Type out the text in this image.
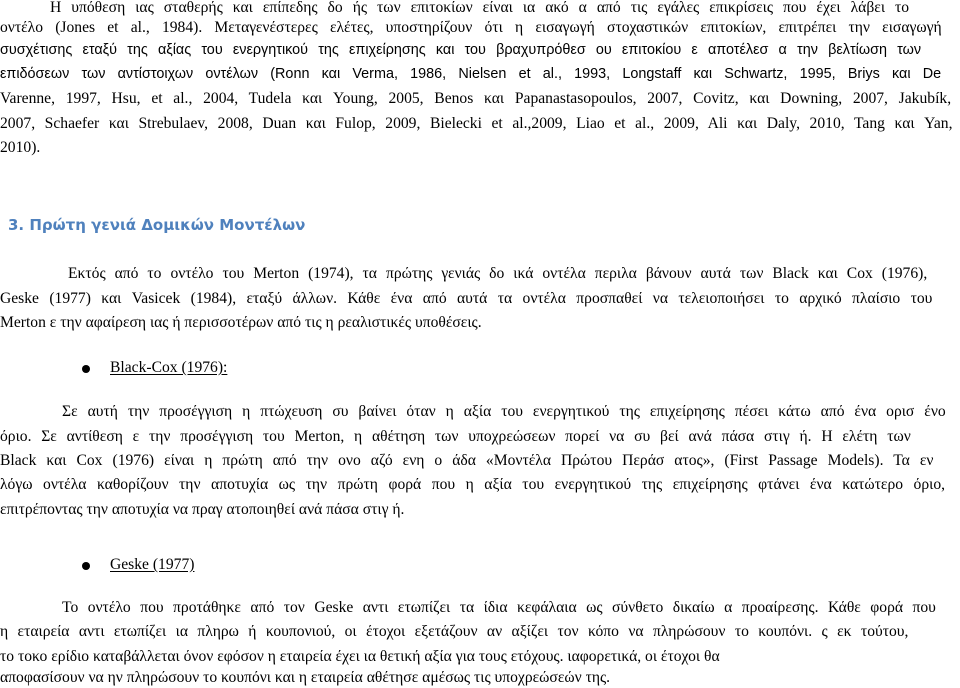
Η υπόθεση ιας σταθερής και επίπεδης δο ής των επιτοκίων είναι ια ακό α από τις εγάλες επικρίσεις που έχει λάβει το
οντέλο (Jones et al., 1984). Μεταγενέστερες ελέτες, υποστηρίζουν ότι η εισαγωγή στοχαστικών επιτοκίων, επιτρέπει την εισαγωγή
συσχέτισης εταξύ της αξίας του ενεργητικού της επιχείρησης και του βραχυπρόθεσ ου επιτοκίου ε αποτέλεσ α την βελτίωση των
επιδόσεων των αντίστοιχων οντέλων (Ronn και Verma, 1986, Nielsen et al., 1993, Longstaff και Schwartz, 1995, Briys και De
Varenne, 1997, Hsu, et al., 2004, Tudela και Young, 2005, Benos και Papanastasopoulos, 2007, Covitz, και Downing, 2007, Jakubík,
2007, Schaefer και Strebulaev, 2008, Duan και Fulop, 2009, Bielecki et al.,2009, Liao et al., 2009, Ali και Daly, 2010, Tang και Yan,
2010).
3. Πρώτη γενιά Δομικών Μοντέλων
Εκτός από το οντέλο του Merton (1974), τα πρώτης γενιάς δο ικά οντέλα περιλα βάνουν αυτά των Black και Cox (1976),
Geske (1977) και Vasicek (1984), εταξύ άλλων. Κάθε ένα από αυτά τα οντέλα προσπαθεί να τελειοποιήσει το αρχικό πλαίσιο του
Merton ε την αφαίρεση ιας ή περισσοτέρων από τις η ρεαλιστικές υποθέσεις.
Black-Cox (1976):
Σε αυτή την προσέγγιση η πτώχευση συ βαίνει όταν η αξία του ενεργητικού της επιχείρησης πέσει κάτω από ένα ορισ ένο
όριο. Σε αντίθεση ε την προσέγγιση του Merton, η αθέτηση των υποχρεώσεων πορεί να συ βεί ανά πάσα στιγ ή. Η ελέτη των
Black και Cox (1976) είναι η πρώτη από την ονο αζό ενη ο άδα «Μοντέλα Πρώτου Περάσ ατος», (First Passage Models). Τα εν
λόγω οντέλα καθορίζουν την αποτυχία ως την πρώτη φορά που η αξία του ενεργητικού της επιχείρησης φτάνει ένα κατώτερο όριο,
επιτρέποντας την αποτυχία να πραγ ατοποιηθεί ανά πάσα στιγ ή.
Geske (1977)
Το οντέλο που προτάθηκε από τον Geske αντι ετωπίζει τα ίδια κεφάλαια ως σύνθετο δικαίω α προαίρεσης. Κάθε φορά που
η εταιρεία αντι ετωπίζει ια πληρω ή κουπονιού, οι έτοχοι εξετάζουν αν αξίζει τον κόπο να πληρώσουν το κουπόνι. ς εκ τούτου,
το τοκο ερίδιο καταβάλλεται όνον εφόσον η εταιρεία έχει ια θετική αξία για τους ετόχους. ιαφορετικά, οι έτοχοι θα
αποφασίσουν να ην πληρώσουν το κουπόνι και η εταιρεία αθέτησε αμέσως τις υποχρεώσεών της.
